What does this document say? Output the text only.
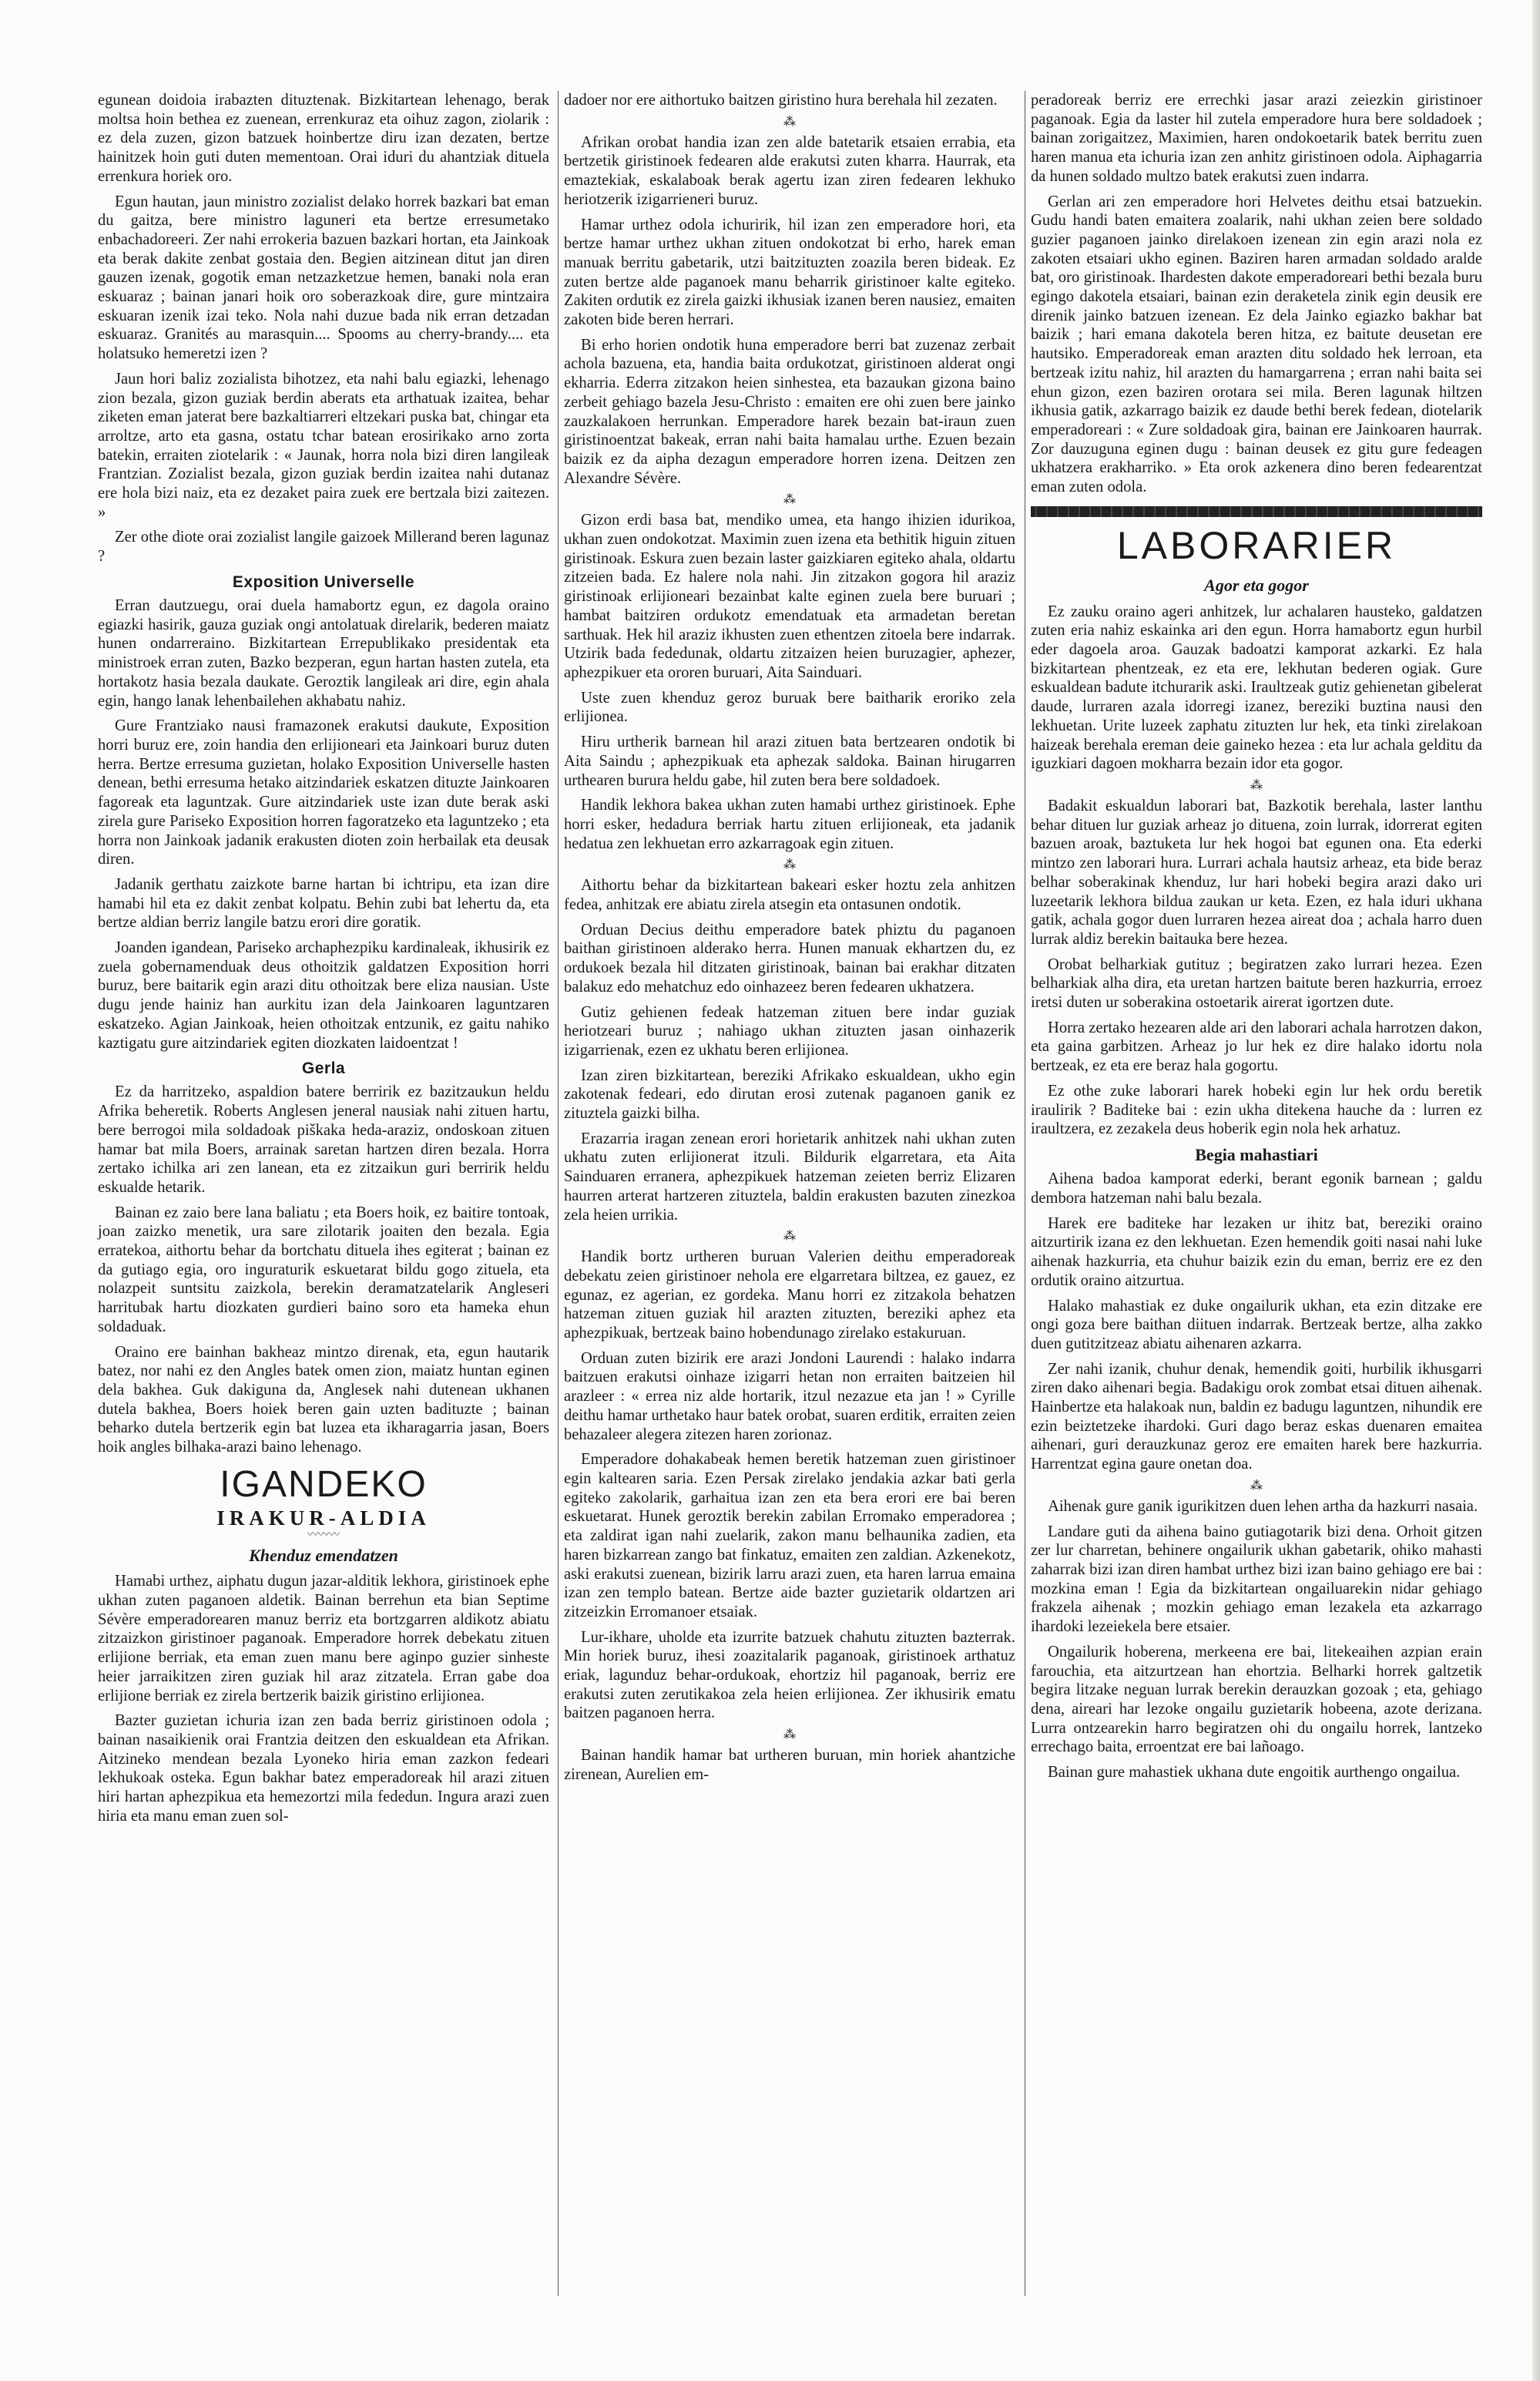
egunean doidoia irabazten dituztenak. Bizkitartean lehenago, berak moltsa hoin bethea ez zuenean, errenkuraz eta oihuz zagon, ziolarik : ez dela zuzen, gizon batzuek hoinbertze diru izan dezaten, bertze hainitzek hoin guti duten mementoan. Orai iduri du ahantziak dituela errenkura horiek oro.

Egun hautan, jaun ministro zozialist delako horrek bazkari bat eman du gaitza, bere ministro laguneri eta bertze erresumetako enbachadoreeri. Zer nahi errokeria bazuen bazkari hortan, eta Jainkoak eta berak dakite zenbat gostaia den. Begien aitzinean ditut jan diren gauzen izenak, gogotik eman netzazketzue hemen, banaki nola eran eskuaraz ; bainan janari hoik oro soberazkoak dire, gure mintzaira eskuaran izenik izai teko. Nola nahi duzue bada nik erran detzadan eskuaraz. Granités au marasquin.... Spooms au cherry-brandy.... eta holatsuko hemeretzi izen ?

Jaun hori baliz zozialista bihotzez, eta nahi balu egiazki, lehenago zion bezala, gizon guziak berdin aberats eta arthatuak izaitea, behar ziketen eman jaterat bere bazkaltiarreri eltzekari puska bat, chingar eta arroltze, arto eta gasna, ostatu tchar batean erosirikako arno zorta batekin, erraiten ziotelarik : « Jaunak, horra nola bizi diren langileak Frantzian. Zozialist bezala, gizon guziak berdin izaitea nahi dutanaz ere hola bizi naiz, eta ez dezaket paira zuek ere bertzala bizi zaitezen. »

Zer othe diote orai zozialist langile gaizoek Millerand beren lagunaz ?

Exposition Universelle

Erran dautzuegu, orai duela hamabortz egun, ez dagola oraino egiazki hasirik, gauza guziak ongi antolatuak direlarik, bederen maiatz hunen ondarreraino. Bizkitartean Errepublikako presidentak eta ministroek erran zuten, Bazko bezperan, egun hartan hasten zutela, eta hortakotz hasia bezala daukate. Geroztik langileak ari dire, egin ahala egin, hango lanak lehenbailehen akhabatu nahiz.

Gure Frantziako nausi framazonek erakutsi daukute, Exposition horri buruz ere, zoin handia den erlijioneari eta Jainkoari buruz duten herra. Bertze erresuma guzietan, holako Exposition Universelle hasten denean, bethi erresuma hetako aitzindariek eskatzen dituzte Jainkoaren fagoreak eta laguntzak. Gure aitzindariek uste izan dute berak aski zirela gure Pariseko Exposition horren fagoratzeko eta laguntzeko ; eta horra non Jainkoak jadanik erakusten dioten zoin herbailak eta deusak diren.

Jadanik gerthatu zaizkote barne hartan bi ichtripu, eta izan dire hamabi hil eta ez dakit zenbat kolpatu. Behin zubi bat lehertu da, eta bertze aldian berriz langile batzu erori dire goratik.

Joanden igandean, Pariseko archaphezpiku kardinaleak, ikhusirik ez zuela gobernamenduak deus othoitzik galdatzen Exposition horri buruz, bere baitarik egin arazi ditu othoitzak bere eliza nausian. Uste dugu jende hainiz han aurkitu izan dela Jainkoaren laguntzaren eskatzeko. Agian Jainkoak, heien othoitzak entzunik, ez gaitu nahiko kaztigatu gure aitzindariek egiten diozkaten laidoentzat !

Gerla

Ez da harritzeko, aspaldion batere berririk ez bazitzaukun heldu Afrika beheretik. Roberts Anglesen jeneral nausiak nahi zituen hartu, bere berrogoi mila soldadoak piškaka heda-araziz, ondoskoan zituen hamar bat mila Boers, arrainak saretan hartzen diren bezala. Horra zertako ichilka ari zen lanean, eta ez zitzaikun guri berririk heldu eskualde hetarik.

Bainan ez zaio bere lana baliatu ; eta Boers hoik, ez baitire tontoak, joan zaizko menetik, ura sare zilotarik joaiten den bezala. Egia erratekoa, aithortu behar da bortchatu dituela ihes egiterat ; bainan ez da gutiago egia, oro inguraturik eskuetarat bildu gogo zituela, eta nolazpeit suntsitu zaizkola, berekin deramatzatelarik Angleseri harritubak hartu diozkaten gurdieri baino soro eta hameka ehun soldaduak.

Oraino ere bainhan bakheaz mintzo direnak, eta, egun hautarik batez, nor nahi ez den Angles batek omen zion, maiatz huntan eginen dela bakhea. Guk dakiguna da, Anglesek nahi dutenean ukhanen dutela bakhea, Boers hoiek beren gain uzten badituzte ; bainan beharko dutela bertzerik egin bat luzea eta ikharagarria jasan, Boers hoik angles bilhaka-arazi baino lehenago.

IGANDEKO
IRAKUR-ALDIA
〰〰〰
Khenduz emendatzen

Hamabi urthez, aiphatu dugun jazar-alditik lekhora, giristinoek ephe ukhan zuten paganoen aldetik. Bainan berrehun eta bian Septime Sévère emperadorearen manuz berriz eta bortzgarren aldikotz abiatu zitzaizkon giristinoer paganoak. Emperadore horrek debekatu zituen erlijione berriak, eta eman zuen manu bere aginpo guzier sinheste heier jarraikitzen ziren guziak hil araz zitzatela. Erran gabe doa erlijione berriak ez zirela bertzerik baizik giristino erlijionea.

Bazter guzietan ichuria izan zen bada berriz giristinoen odola ; bainan nasaikienik orai Frantzia deitzen den eskualdean eta Afrikan. Aitzineko mendean bezala Lyoneko hiria eman zazkon fedeari lekhukoak osteka. Egun bakhar batez emperadoreak hil arazi zituen hiri hartan aphezpikua eta hemezortzi mila fededun. Ingura arazi zuen hiria eta manu eman zuen sol-

dadoer nor ere aithortuko baitzen giristino hura berehala hil zezaten.

⁂

Afrikan orobat handia izan zen alde batetarik etsaien errabia, eta bertzetik giristinoek fedearen alde erakutsi zuten kharra. Haurrak, eta emaztekiak, eskalaboak berak agertu izan ziren fedearen lekhuko heriotzerik izigarrieneri buruz.

Hamar urthez odola ichuririk, hil izan zen emperadore hori, eta bertze hamar urthez ukhan zituen ondokotzat bi erho, harek eman manuak berritu gabetarik, utzi baitzituzten zoazila beren bideak. Ez zuten bertze alde paganoek manu beharrik giristinoer kalte egiteko. Zakiten ordutik ez zirela gaizki ikhusiak izanen beren nausiez, emaiten zakoten bide beren herrari.

Bi erho horien ondotik huna emperadore berri bat zuzenaz zerbait achola bazuena, eta, handia baita ordukotzat, giristinoen alderat ongi ekharria. Ederra zitzakon heien sinhestea, eta bazaukan gizona baino zerbeit gehiago bazela Jesu-Christo : emaiten ere ohi zuen bere jainko zauzkalakoen herrunkan. Emperadore harek bezain bat-iraun zuen giristinoentzat bakeak, erran nahi baita hamalau urthe. Ezuen bezain baizik ez da aipha dezagun emperadore horren izena. Deitzen zen Alexandre Sévère.

⁂

Gizon erdi basa bat, mendiko umea, eta hango ihizien idurikoa, ukhan zuen ondokotzat. Maximin zuen izena eta bethitik higuin zituen giristinoak. Eskura zuen bezain laster gaizkiaren egiteko ahala, oldartu zitzeien bada. Ez halere nola nahi. Jin zitzakon gogora hil araziz giristinoak erlijioneari bezainbat kalte eginen zuela bere buruari ; hambat baitziren ordukotz emendatuak eta armadetan beretan sarthuak. Hek hil araziz ikhusten zuen ethentzen zitoela bere indarrak. Utzirik bada fededunak, oldartu zitzaizen heien buruzagier, aphezer, aphezpikuer eta ororen buruari, Aita Sainduari.

Uste zuen khenduz geroz buruak bere baitharik eroriko zela erlijionea.

Hiru urtherik barnean hil arazi zituen bata bertzearen ondotik bi Aita Saindu ; aphezpikuak eta aphezak saldoka. Bainan hirugarren urthearen burura heldu gabe, hil zuten bera bere soldadoek.

Handik lekhora bakea ukhan zuten hamabi urthez giristinoek. Ephe horri esker, hedadura berriak hartu zituen erlijioneak, eta jadanik hedatua zen lekhuetan erro azkarragoak egin zituen.

⁂

Aithortu behar da bizkitartean bakeari esker hoztu zela anhitzen fedea, anhitzak ere abiatu zirela atsegin eta ontasunen ondotik.

Orduan Decius deithu emperadore batek phiztu du paganoen baithan giristinoen alderako herra. Hunen manuak ekhartzen du, ez ordukoek bezala hil ditzaten giristinoak, bainan bai erakhar ditzaten balakuz edo mehatchuz edo oinhazeez beren fedearen ukhatzera.

Gutiz gehienen fedeak hatzeman zituen bere indar guziak heriotzeari buruz ; nahiago ukhan zituzten jasan oinhazerik izigarrienak, ezen ez ukhatu beren erlijionea.

Izan ziren bizkitartean, bereziki Afrikako eskualdean, ukho egin zakotenak fedeari, edo dirutan erosi zutenak paganoen ganik ez zituztela gaizki bilha.

Erazarria iragan zenean erori horietarik anhitzek nahi ukhan zuten ukhatu zuten erlijionerat itzuli. Bildurik elgarretara, eta Aita Sainduaren erranera, aphezpikuek hatzeman zeieten berriz Elizaren haurren arterat hartzeren zituztela, baldin erakusten bazuten zinezkoa zela heien urrikia.

⁂

Handik bortz urtheren buruan Valerien deithu emperadoreak debekatu zeien giristinoer nehola ere elgarretara biltzea, ez gauez, ez egunaz, ez agerian, ez gordeka. Manu horri ez zitzakola behatzen hatzeman zituen guziak hil arazten zituzten, bereziki aphez eta aphezpikuak, bertzeak baino hobendunago zirelako estakuruan.

Orduan zuten bizirik ere arazi Jondoni Laurendi : halako indarra baitzuen erakutsi oinhaze izigarri hetan non erraiten baitzeien hil arazleer : « errea niz alde hortarik, itzul nezazue eta jan ! » Cyrille deithu hamar urthetako haur batek orobat, suaren erditik, erraiten zeien behazaleer alegera zitezen haren zorionaz.

Emperadore dohakabeak hemen beretik hatzeman zuen giristinoer egin kaltearen saria. Ezen Persak zirelako jendakia azkar bati gerla egiteko zakolarik, garhaitua izan zen eta bera erori ere bai beren eskuetarat. Hunek geroztik berekin zabilan Erromako emperadorea ; eta zaldirat igan nahi zuelarik, zakon manu belhaunika zadien, eta haren bizkarrean zango bat finkatuz, emaiten zen zaldian. Azkenekotz, aski erakutsi zuenean, bizirik larru arazi zuen, eta haren larrua emaina izan zen templo batean. Bertze aide bazter guzietarik oldartzen ari zitzeizkin Erromanoer etsaiak.

Lur-ikhare, uholde eta izurrite batzuek chahutu zituzten bazterrak. Min horiek buruz, ihesi zoazitalarik paganoak, giristinoek arthatuz eriak, lagunduz behar-ordukoak, ehortziz hil paganoak, berriz ere erakutsi zuten zerutikakoa zela heien erlijionea. Zer ikhusirik ematu baitzen paganoen herra.

⁂

Bainan handik hamar bat urtheren buruan, min horiek ahantziche zirenean, Aurelien em-

peradoreak berriz ere errechki jasar arazi zeiezkin giristinoer paganoak. Egia da laster hil zutela emperadore hura bere soldadoek ; bainan zorigaitzez, Maximien, haren ondokoetarik batek berritu zuen haren manua eta ichuria izan zen anhitz giristinoen odola. Aiphagarria da hunen soldado multzo batek erakutsi zuen indarra.

Gerlan ari zen emperadore hori Helvetes deithu etsai batzuekin. Gudu handi baten emaitera zoalarik, nahi ukhan zeien bere soldado guzier paganoen jainko direlakoen izenean zin egin arazi nola ez zakoten etsaiari ukho eginen. Baziren haren armadan soldado aralde bat, oro giristinoak. Ihardesten dakote emperadoreari bethi bezala buru egingo dakotela etsaiari, bainan ezin deraketela zinik egin deusik ere direnik jainko batzuen izenean. Ez dela Jainko egiazko bakhar bat baizik ; hari emana dakotela beren hitza, ez baitute deusetan ere hautsiko. Emperadoreak eman arazten ditu soldado hek lerroan, eta bertzeak izitu nahiz, hil arazten du hamargarrena ; erran nahi baita sei ehun gizon, ezen baziren orotara sei mila. Beren lagunak hiltzen ikhusia gatik, azkarrago baizik ez daude bethi berek fedean, diotelarik emperadoreari : « Zure soldadoak gira, bainan ere Jainkoaren haurrak. Zor dauzuguna eginen dugu : bainan deusek ez gitu gure fedeagen ukhatzera erakharriko. » Eta orok azkenera dino beren fedearentzat eman zuten odola.

LABORARIER
Agor eta gogor

Ez zauku oraino ageri anhitzek, lur achalaren hausteko, galdatzen zuten eria nahiz eskainka ari den egun. Horra hamabortz egun hurbil eder dagoela aroa. Gauzak badoatzi kamporat azkarki. Ez hala bizkitartean phentzeak, ez eta ere, lekhutan bederen ogiak. Gure eskualdean badute itchurarik aski. Iraultzeak gutiz gehienetan gibelerat daude, lurraren azala idorregi izanez, bereziki buztina nausi den lekhuetan. Urite luzeek zaphatu zituzten lur hek, eta tinki zirelakoan haizeak berehala ereman deie gaineko hezea : eta lur achala gelditu da iguzkiari dagoen mokharra bezain idor eta gogor.

⁂

Badakit eskualdun laborari bat, Bazkotik berehala, laster lanthu behar dituen lur guziak arheaz jo dituena, zoin lurrak, idorrerat egiten bazuen aroak, baztuketa lur hek hogoi bat egunen ona. Eta ederki mintzo zen laborari hura. Lurrari achala hautsiz arheaz, eta bide beraz belhar soberakinak khenduz, lur hari hobeki begira arazi dako uri luzeetarik lekhora bildua zaukan ur keta. Ezen, ez hala iduri ukhana gatik, achala gogor duen lurraren hezea aireat doa ; achala harro duen lurrak aldiz berekin baitauka bere hezea.

Orobat belharkiak gutituz ; begiratzen zako lurrari hezea. Ezen belharkiak alha dira, eta uretan hartzen baitute beren hazkurria, erroez iretsi duten ur soberakina ostoetarik airerat igortzen dute.

Horra zertako hezearen alde ari den laborari achala harrotzen dakon, eta gaina garbitzen. Arheaz jo lur hek ez dire halako idortu nola bertzeak, ez eta ere beraz hala gogortu.

Ez othe zuke laborari harek hobeki egin lur hek ordu beretik iraulirik ? Baditeke bai : ezin ukha ditekena hauche da : lurren ez iraultzera, ez zezakela deus hoberik egin nola hek arhatuz.

Begia mahastiari

Aihena badoa kamporat ederki, berant egonik barnean ; galdu dembora hatzeman nahi balu bezala.

Harek ere baditeke har lezaken ur ihitz bat, bereziki oraino aitzurtirik izana ez den lekhuetan. Ezen hemendik goiti nasai nahi luke aihenak hazkurria, eta chuhur baizik ezin du eman, berriz ere ez den ordutik oraino aitzurtua.

Halako mahastiak ez duke ongailurik ukhan, eta ezin ditzake ere ongi goza bere baithan diituen indarrak. Bertzeak bertze, alha zakko duen gutitzitzeaz abiatu aihenaren azkarra.

Zer nahi izanik, chuhur denak, hemendik goiti, hurbilik ikhusgarri ziren dako aihenari begia. Badakigu orok zombat etsai dituen aihenak. Hainbertze eta halakoak nun, baldin ez badugu laguntzen, nihundik ere ezin beiztetzeke ihardoki. Guri dago beraz eskas duenaren emaitea aihenari, guri derauzkunaz geroz ere emaiten harek bere hazkurria. Harrentzat egina gaure onetan doa.

⁂

Aihenak gure ganik igurikitzen duen lehen artha da hazkurri nasaia.

Landare guti da aihena baino gutiagotarik bizi dena. Orhoit gitzen zer lur charretan, behinere ongailurik ukhan gabetarik, ohiko mahasti zaharrak bizi izan diren hambat urthez bizi izan baino gehiago ere bai : mozkina eman ! Egia da bizkitartean ongailuarekin nidar gehiago frakzela aihenak ; mozkin gehiago eman lezakela eta azkarrago ihardoki lezeiekela bere etsaier.

Ongailurik hoberena, merkeena ere bai, litekeaihen azpian erain farouchia, eta aitzurtzean han ehortzia. Belharki horrek galtzetik begira litzake neguan lurrak berekin derauzkan gozoak ; eta, gehiago dena, aireari har lezoke ongailu guzietarik hobeena, azote derizana. Lurra ontzearekin harro begiratzen ohi du ongailu horrek, lantzeko errechago baita, erroentzat ere bai lañoago.

Bainan gure mahastiek ukhana dute engoitik aurthengo ongailua.
